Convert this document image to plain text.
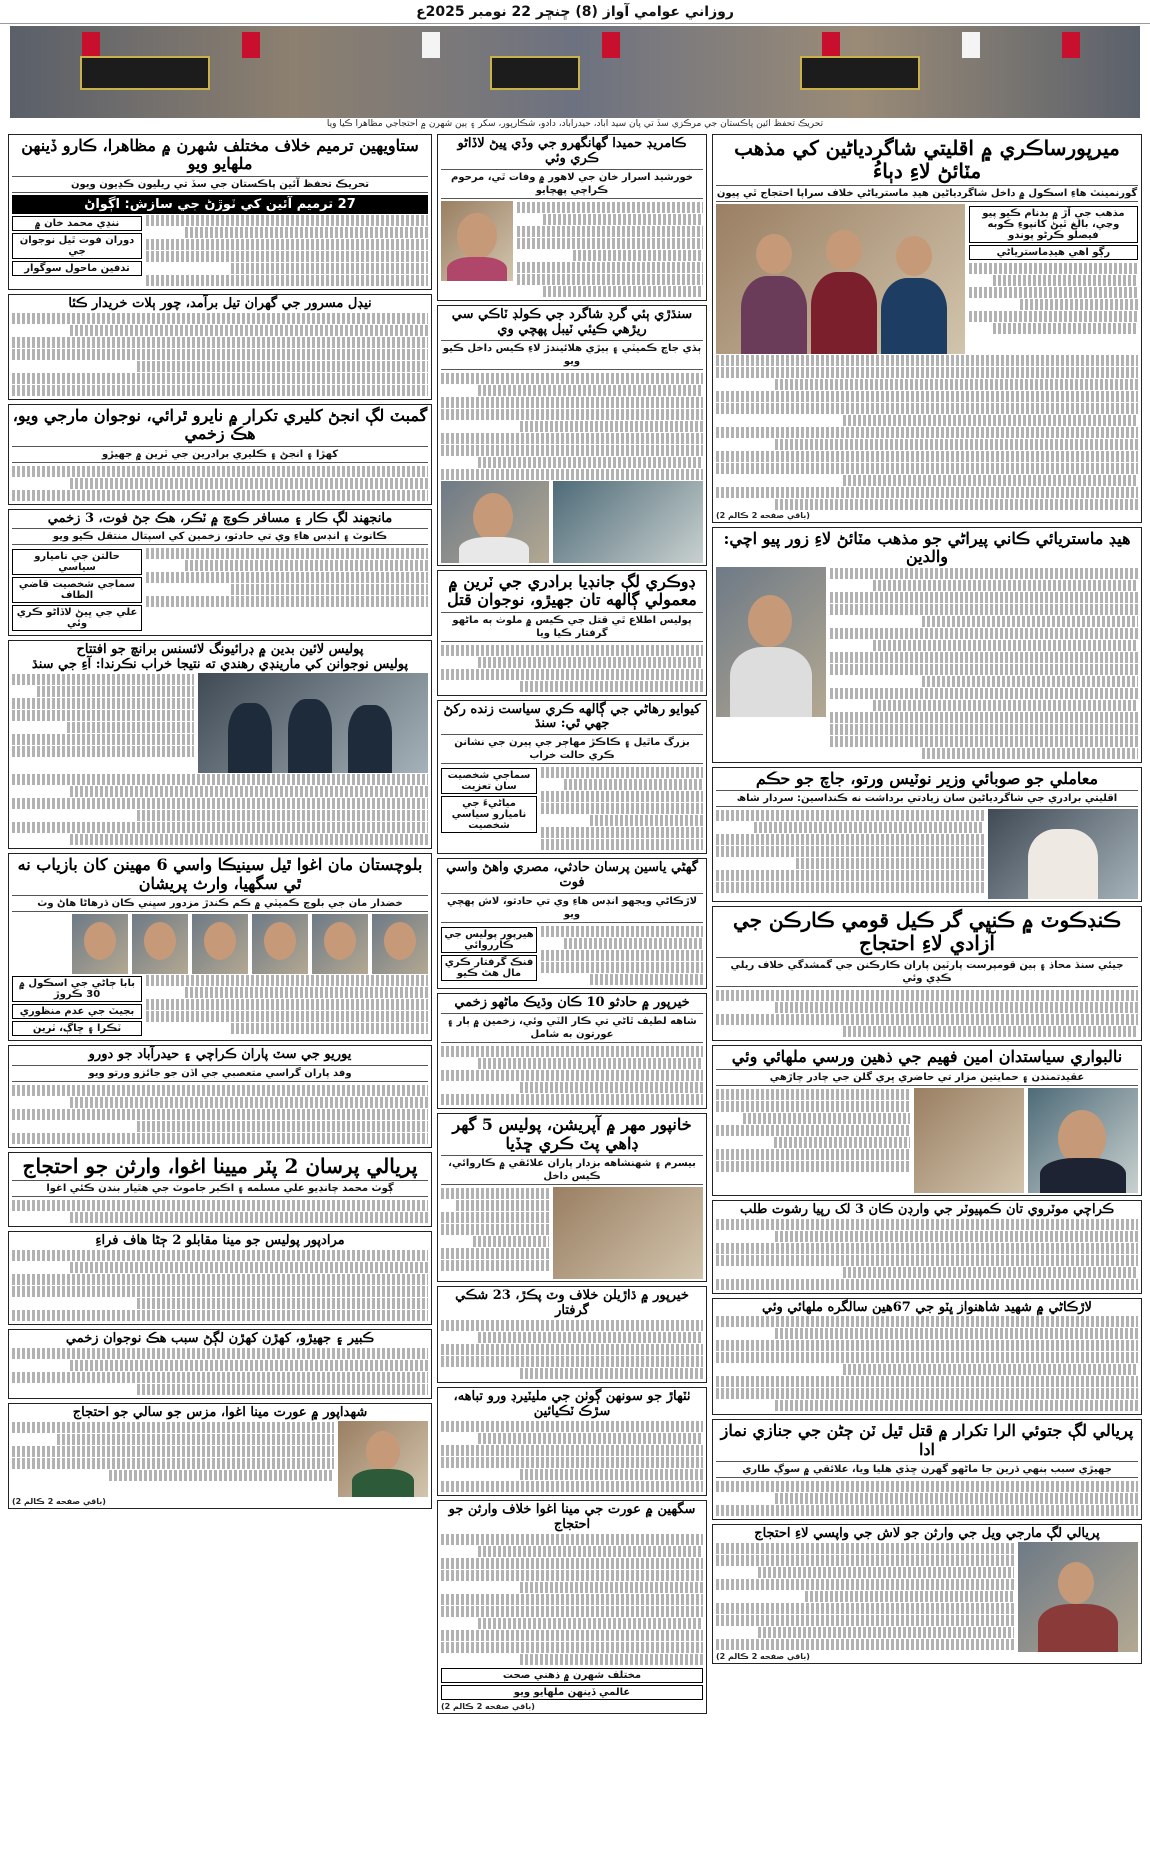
روزاني عوامي آواز (8) ڇنڇر 22 نومبر 2025ع
تحريڪ تحفظ آئين پاڪستان جي مرڪزي سڏ تي پان سيد آباد، حيدرآباد، دادو، شڪارپور، سکر ۽ ٻين شهرن ۾ احتجاجي مظاهرا ڪيا ويا
ميرپورساڪري ۾ اقليتي شاگردياڻين کي مذهب مٽائڻ لاءِ دٻاءُ
گورنمينٽ هاءِ اسڪول ۾ داخل شاگردياڻين هيڊ ماسترياڻي خلاف سراپا احتجاج ٿي پيون
مذهب جي آڙ ۾ بدنام ڪيو پيو وڃي، بالغ ٿيڻ کانپوءِ ڪوبه فيصلو ڪرڻو پوندو
رڳو اهي هيڊماسترياڻي
(باقي صفحه 2 ڪالم 2)
هيڊ ماستريائي ڪاني پيراڻي جو مذهب مٽائڻ لاءِ زور پيو اچي: والدين
معاملي جو صوبائي وزير نوٽيس ورتو، جاچ جو حڪم
اقليتي برادري جي شاگردياڻين سان زيادتي برداشت نه ڪنداسين: سردار شاھ
ڪنڊڪوٽ ۾ ڪنڀي گر ڪيل قومي ڪارڪن جي آزادي لاءِ احتجاج
جيئي سنڌ محاذ ۽ ٻين قومپرست پارٽين پاران ڪارڪنن جي گمشدگي خلاف ريلي ڪڍي وئي
نالبواري سياستدان امين فهيم جي ذهين ورسي ملهائي وئي
عقيدتمندن ۽ حمايتين مزار تي حاضري ڀري گلن جي چادر چاڙهي
ڪراچي موٽروي تان ڪمپيوٽر جي وارڊن ڪان 3 لک رپيا رشوت طلب
لاڙڪاڻي ۾ شهيد شاهنواز ڀٽو جي 67هين سالگره ملهائي وئي
پريالي لڳ جتوئي الرا تکرار ۾ قتل ٿيل ٽن ڄڻن جي جنازي نماز ادا
جهيڙي سبب ٻنهي ڌرين جا ماڻهو گهرن ڇڏي هليا ويا، علائقي ۾ سوڳ طاري
پريالي لڳ مارجي ويل جي وارثن جو لاش جي واپسي لاءِ احتجاج
(باقي صفحه 2 ڪالم 2)
ڪامريڊ حميدا گهانگهرو جي وڏي ڀيڻ لاڏاڻو ڪري وئي
خورشيد اسرار خان جي لاهور ۾ وفات ٿي، مرحوم ڪراچي پهچايو
سنڌڙي ٻئي گرڊ شاگرد جي ڪولڊ ٽاڪي سي ريڙهي ڪيئي ٽيبل پهچي وي
ٻڌي جاچ ڪميٽي ۽ ٻيڙي هلائيندڙ لاءِ ڪيس داخل ڪيو ويو
ڊوڪري لڳ جانڊيا برادري جي ٽرين ۾ معمولي ڳالهه تان جهيڙو، نوجوان قتل
پوليس اطلاع ٿي قتل جي ڪيس ۾ ملوث ٻه ماڻهو گرفتار ڪيا ويا
کيوايو رهاڻي جي ڳالهه ڪري سياست زنده رکڻ جهي ٿي: سنڌ
بزرگ ماٿيل ۽ ڪاڪڙ مهاڄر جي پيرن جي نشانن ڪري حالت خراب
سماجي شخصيت سان تعزيت
مياڻيءَ جي ناميارو سياسي شخصيت
گهڻي ياسين پرسان حادثي، مصري واهڻ واسي فوت
لاڙڪاڻي ويجهو انڊس هاءِ وي تي حادثو، لاش پهچي ويو
هيرپور پوليس جي ڪارروائي
فنڪ گرفتار ڪري مال هٿ ڪيو
خيرپور ۾ حادثو 10 ڪان وڌيڪ ماڻهو زخمي
شاهه لطيف ٿاڻي تي ڪار الٽي وئي، زخمين ۾ ٻار ۽ عورتون به شامل
خانپور مهر ۾ آپريشن، پوليس 5 گهر ڊاهي پٽ ڪري ڇڏيا
بيسرم ۽ شهنشاهه بزدار پاران علائقي ۾ ڪاروائي، ڪيس داخل
خيرپور ۾ ڌاڙيلن خلاف وٽ پڪڙ، 23 شڪي گرفتار
ٺٽهاڙ جو سونهن ڳوٺن جي مليٽيرڊ ورو تباهه، سڙڪ ٽڪيائين
سگهين ۾ عورت جي مينا اغوا خلاف وارثن جو احتجاج
مختلف شهرن ۾ ذهني صحت
عالمي ڏينهن ملهايو ويو
(باقي صفحه 2 ڪالم 2)
ستاويهين ترميم خلاف مختلف شهرن ۾ مظاهرا، ڪارو ڏينهن ملهايو ويو
تحريڪ تحفظ آئين پاڪستان جي سڏ تي ريليون ڪڍيون ويون
27 ترميم آئين کي ٽوڙڻ جي سازش: اڳواڻ
ننڍي محمد خان ۾
دوران فوت ٿيل نوجوان جي
تدفين ماحول سوگوار
نيڊل مسرور جي گهران تيل برآمد، چور ٻلات خريدار ڪئا
گمبٽ لڳ انجڻ کليري تکرار ۾ نايرو ٿرائي، نوجوان مارجي ويو، هڪ زخمي
کهڙا ۽ انجڻ ۽ ڪليري برادرين جي ٽرين ۾ جهيڙو
مانجهند لڳ ڪار ۽ مسافر ڪوچ ۾ ٽڪر، هڪ جڻ فوت، 3 زخمي
ڪانوٽ ۽ انڊس هاءِ وي تي حادثو، زخمين کي اسپتال منتقل ڪيو ويو
حالتن جي ناميارو سياسي
سماجي شخصيت قاضي الطاف
علي جي ڀيڻ لاڏاڻو ڪري وئي
پوليس لائين بدين ۾ ڊرائيونگ لائسنس برانچ جو افتتاح
پوليس نوجوانن کي مارينڊي رهندي ته نتيجا خراب نڪرندا: آءِ جي سنڌ
بلوچستان مان اغوا ٿيل سينيڪا واسي 6 مهينن کان بازياب نه ٿي سگهيا، وارث پريشان
خضدار مان جي بلوچ ڪميٽي ۾ ڪم ڪندڙ مزدور سڀني ڪان ڌرهاڻا هاڻ وٺ
بابا ڄاڻي جي اسڪول ۾ 30 ڪروڙ
بجيٽ جي عدم منظوري
ٽڪرا ۽ ڇاڳ، ٽرين
يوريو جي سٽ پاران ڪراچي ۽ حيدرآباد جو دورو
وفد پاران گراسي متعصبي جي اڏن جو جائزو ورتو ويو
پريالي پرسان 2 پٽر ميينا اغوا، وارثن جو احتجاج
ڳوٺ محمد چانڊيو علي مسلمه ۽ اڪبر جاموٽ جي هٿيار بندن ڪئي اغوا
مرادپور پوليس جو مينا مقابلو 2 ڄڻا هاف فراءِ
ڪبير ۽ جهيڙو، کهڙن کهڙن لڳڻ سبب هڪ نوجوان زخمي
شهداپور ۾ عورت مينا اغوا، مزس جو سالي جو احتجاج
(باقي صفحه 2 ڪالم 2)
